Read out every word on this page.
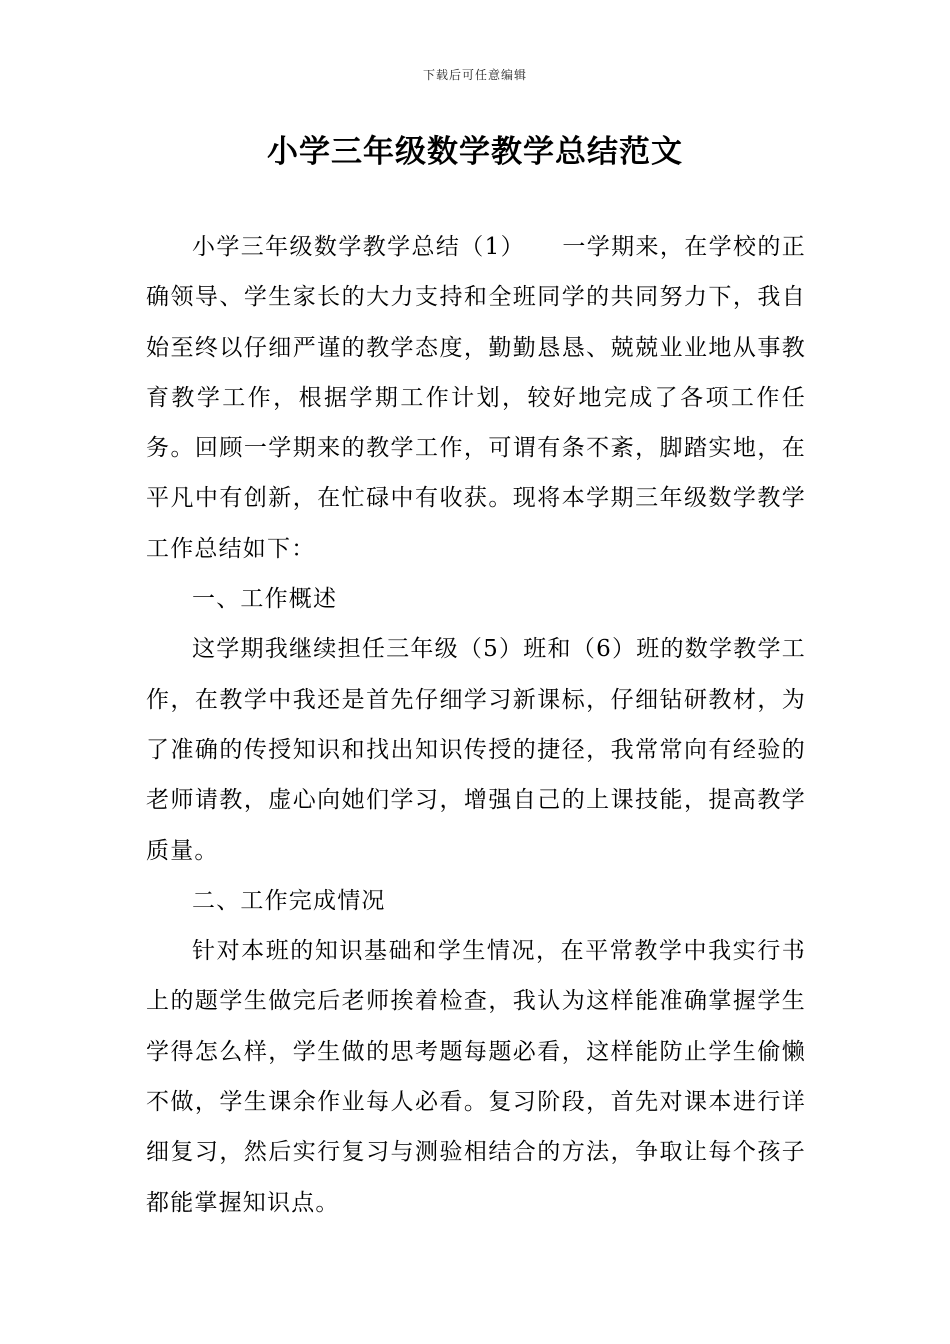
下载后可任意编辑
小学三年级数学教学总结范文

小学三年级数学教学总结（1）　　一学期来，在学校的正确领导、学生家长的大力支持和全班同学的共同努力下，我自始至终以仔细严谨的教学态度，勤勤恳恳、兢兢业业地从事教育教学工作，根据学期工作计划，较好地完成了各项工作任务。回顾一学期来的教学工作，可谓有条不紊，脚踏实地，在平凡中有创新，在忙碌中有收获。现将本学期三年级数学教学工作总结如下：

一、工作概述

这学期我继续担任三年级（5）班和（6）班的数学教学工作，在教学中我还是首先仔细学习新课标，仔细钻研教材，为了准确的传授知识和找出知识传授的捷径，我常常向有经验的老师请教，虚心向她们学习，增强自己的上课技能，提高教学质量。

二、工作完成情况

针对本班的知识基础和学生情况，在平常教学中我实行书上的题学生做完后老师挨着检查，我认为这样能准确掌握学生学得怎么样，学生做的思考题每题必看，这样能防止学生偷懒不做，学生课余作业每人必看。复习阶段，首先对课本进行详细复习，然后实行复习与测验相结合的方法，争取让每个孩子都能掌握知识点。
